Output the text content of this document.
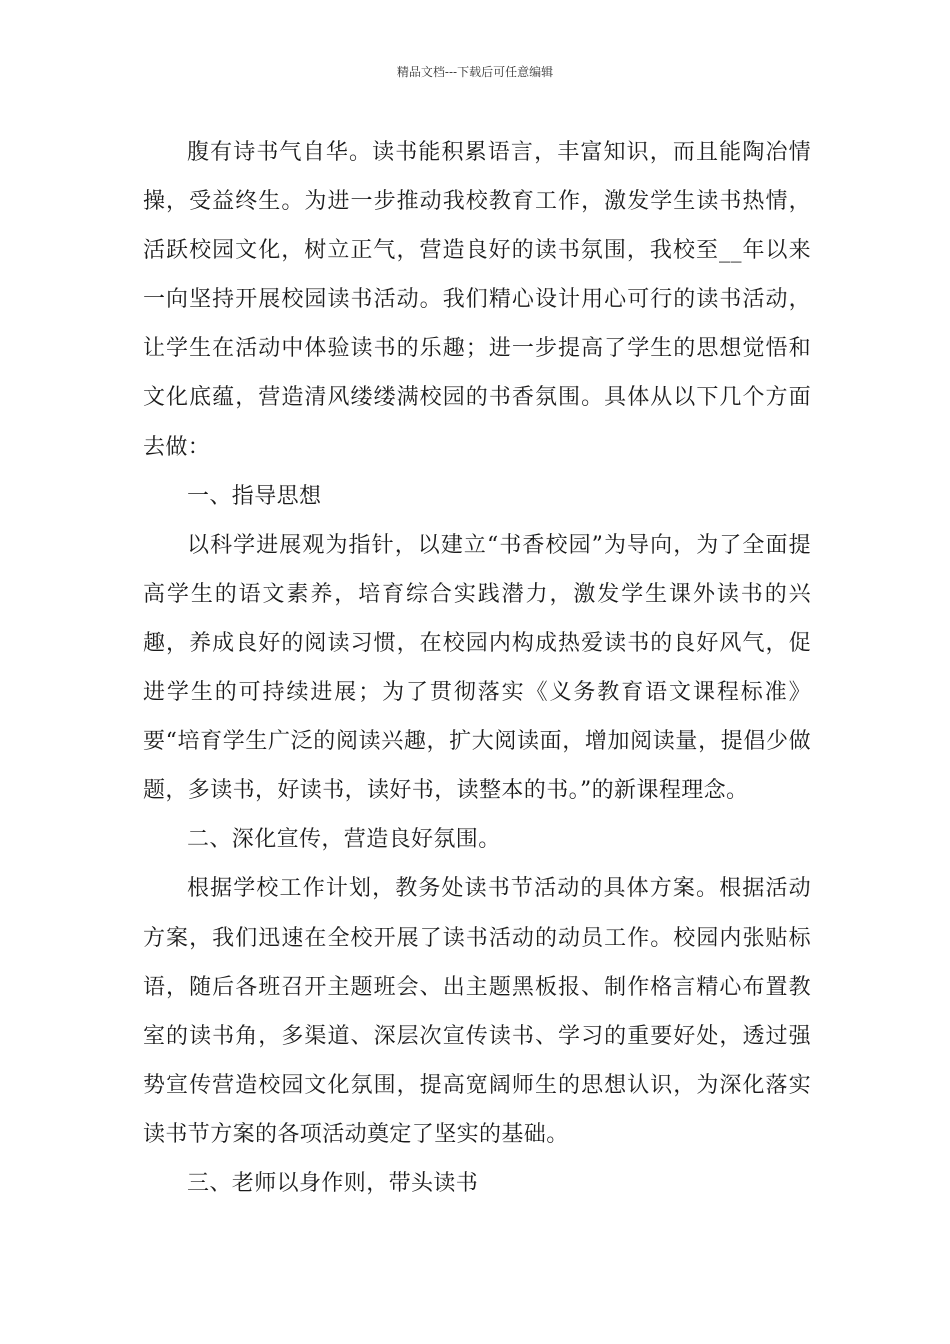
精品文档---下载后可任意编辑

腹有诗书气自华。读书能积累语言，丰富知识，而且能陶冶情操，受益终生。为进一步推动我校教育工作，激发学生读书热情，活跃校园文化，树立正气，营造良好的读书氛围，我校至__年以来一向坚持开展校园读书活动。我们精心设计用心可行的读书活动，让学生在活动中体验读书的乐趣；进一步提高了学生的思想觉悟和文化底蕴，营造清风缕缕满校园的书香氛围。具体从以下几个方面去做：

一、指导思想

以科学进展观为指针，以建立“书香校园”为导向，为了全面提高学生的语文素养，培育综合实践潜力，激发学生课外读书的兴趣，养成良好的阅读习惯，在校园内构成热爱读书的良好风气，促进学生的可持续进展；为了贯彻落实《义务教育语文课程标准》要“培育学生广泛的阅读兴趣，扩大阅读面，增加阅读量，提倡少做题，多读书，好读书，读好书，读整本的书。”的新课程理念。

二、深化宣传，营造良好氛围。

根据学校工作计划，教务处读书节活动的具体方案。根据活动方案，我们迅速在全校开展了读书活动的动员工作。校园内张贴标语，随后各班召开主题班会、出主题黑板报、制作格言精心布置教室的读书角，多渠道、深层次宣传读书、学习的重要好处，透过强势宣传营造校园文化氛围，提高宽阔师生的思想认识，为深化落实读书节方案的各项活动奠定了坚实的基础。

三、老师以身作则，带头读书
